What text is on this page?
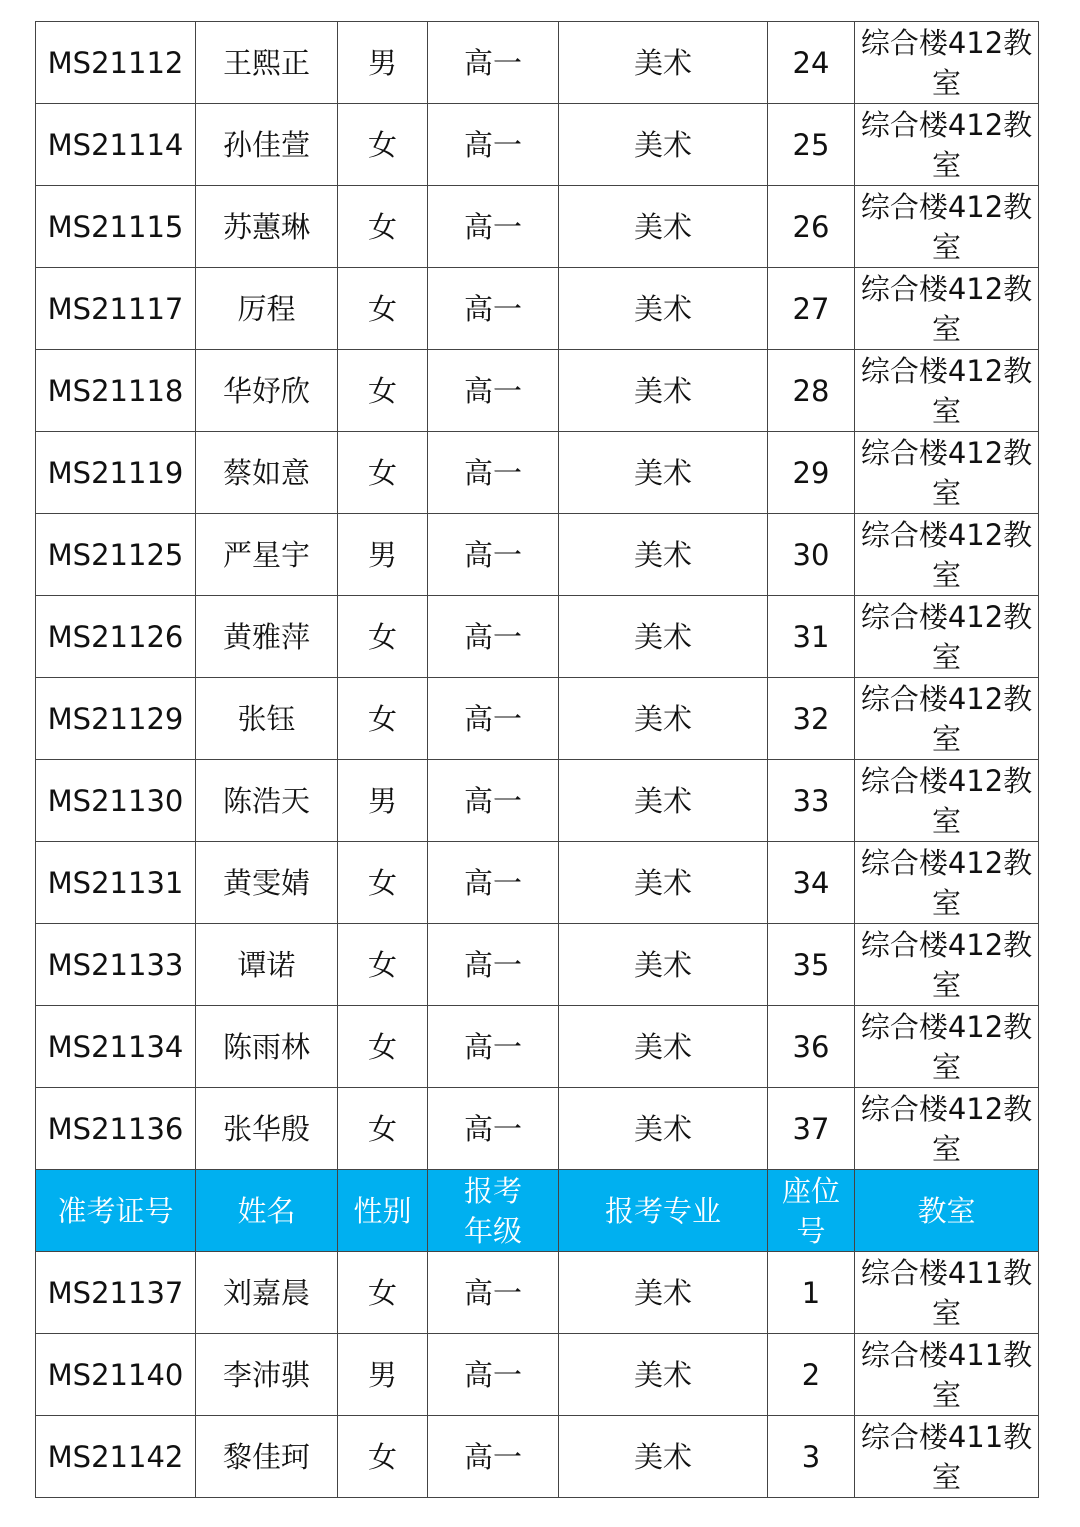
MS21112	王熙正	男	高一	美术	24	综合楼412教室
MS21114	孙佳萱	女	高一	美术	25	综合楼412教室
MS21115	苏蕙琳	女	高一	美术	26	综合楼412教室
MS21117	厉程	女	高一	美术	27	综合楼412教室
MS21118	华妤欣	女	高一	美术	28	综合楼412教室
MS21119	蔡如意	女	高一	美术	29	综合楼412教室
MS21125	严星宇	男	高一	美术	30	综合楼412教室
MS21126	黄雅萍	女	高一	美术	31	综合楼412教室
MS21129	张钰	女	高一	美术	32	综合楼412教室
MS21130	陈浩天	男	高一	美术	33	综合楼412教室
MS21131	黄雯婧	女	高一	美术	34	综合楼412教室
MS21133	谭诺	女	高一	美术	35	综合楼412教室
MS21134	陈雨林	女	高一	美术	36	综合楼412教室
MS21136	张华殷	女	高一	美术	37	综合楼412教室
准考证号	姓名	性别	报考年级	报考专业	座位号	教室
MS21137	刘嘉晨	女	高一	美术	1	综合楼411教室
MS21140	李沛骐	男	高一	美术	2	综合楼411教室
MS21142	黎佳珂	女	高一	美术	3	综合楼411教室
